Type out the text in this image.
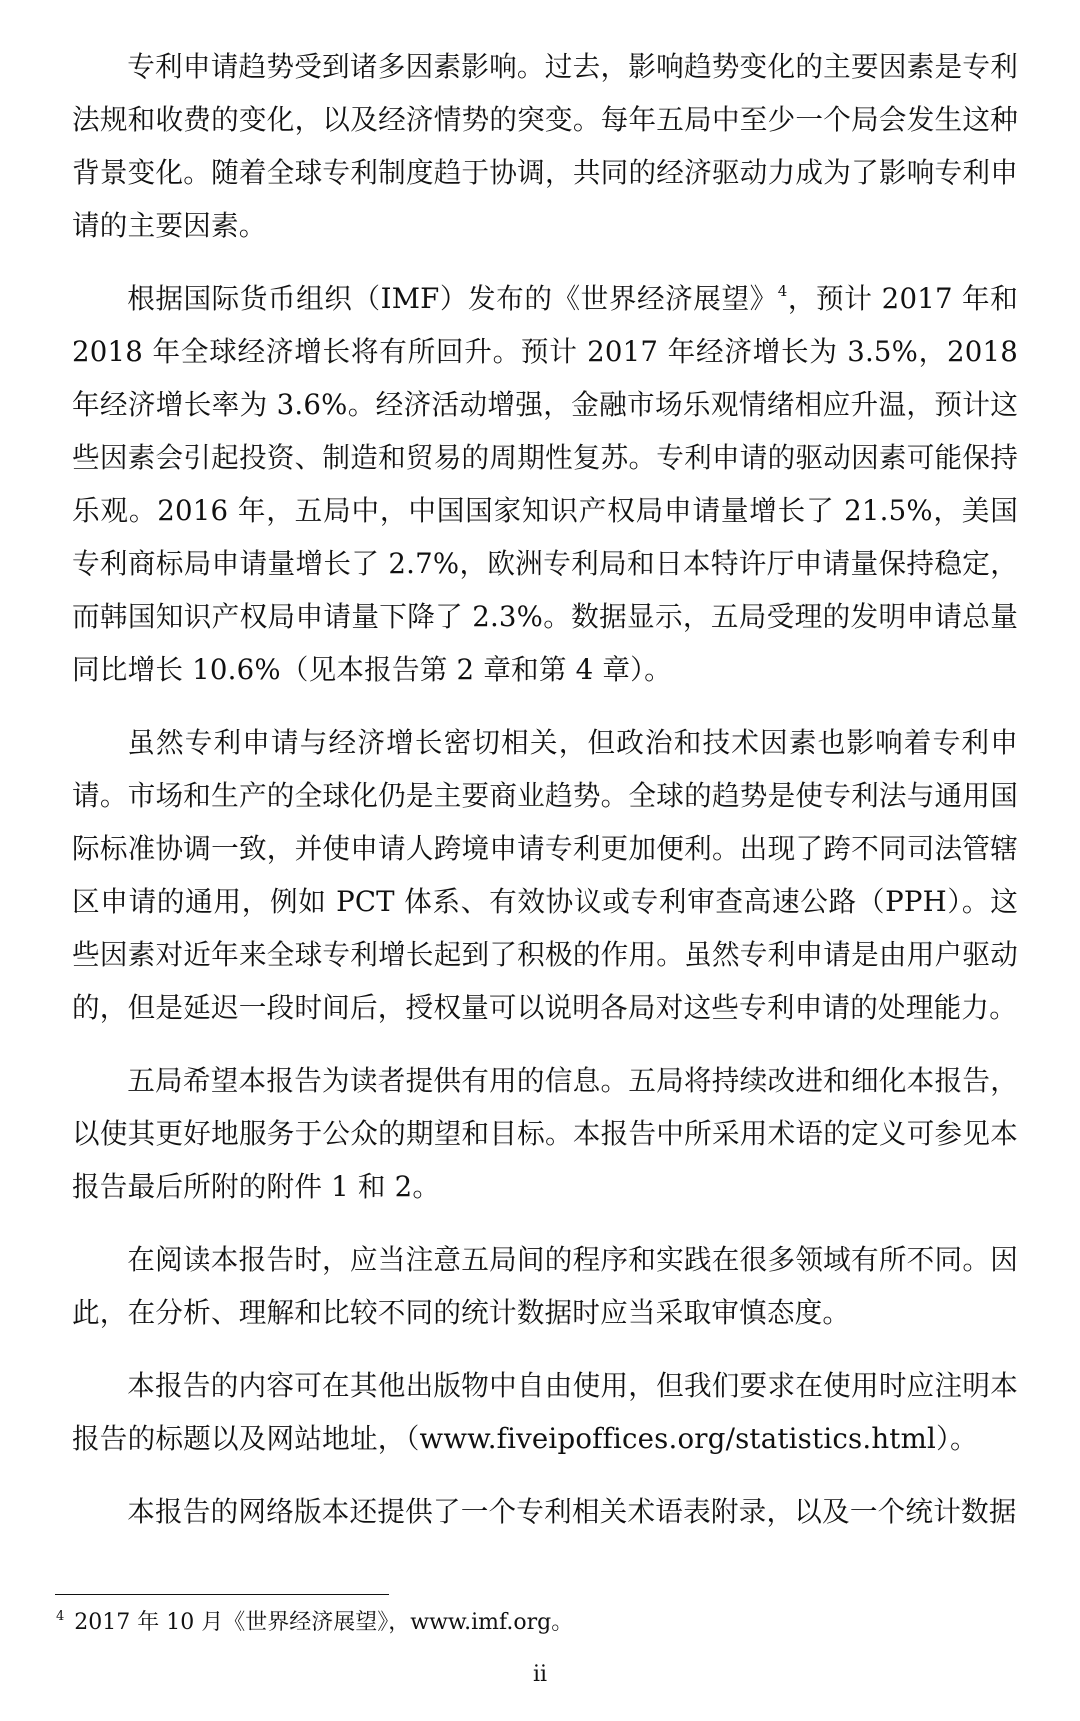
专利申请趋势受到诸多因素影响。过去，影响趋势变化的主要因素是专利法规和收费的变化，以及经济情势的突变。每年五局中至少一个局会发生这种背景变化。随着全球专利制度趋于协调，共同的经济驱动力成为了影响专利申请的主要因素。

根据国际货币组织（IMF）发布的《世界经济展望》$^4$，预计 2017 年和 2018 年全球经济增长将有所回升。预计 2017 年经济增长为 3.5%，2018 年经济增长率为 3.6%。经济活动增强，金融市场乐观情绪相应升温，预计这些因素会引起投资、制造和贸易的周期性复苏。专利申请的驱动因素可能保持乐观。2016 年，五局中，中国国家知识产权局申请量增长了 21.5%，美国专利商标局申请量增长了 2.7%，欧洲专利局和日本特许厅申请量保持稳定，而韩国知识产权局申请量下降了 2.3%。数据显示，五局受理的发明申请总量同比增长 10.6%（见本报告第 2 章和第 4 章）。

虽然专利申请与经济增长密切相关，但政治和技术因素也影响着专利申请。市场和生产的全球化仍是主要商业趋势。全球的趋势是使专利法与通用国际标准协调一致，并使申请人跨境申请专利更加便利。出现了跨不同司法管辖区申请的通用，例如 PCT 体系、有效协议或专利审查高速公路（PPH）。这些因素对近年来全球专利增长起到了积极的作用。虽然专利申请是由用户驱动的，但是延迟一段时间后，授权量可以说明各局对这些专利申请的处理能力。

五局希望本报告为读者提供有用的信息。五局将持续改进和细化本报告，以使其更好地服务于公众的期望和目标。本报告中所采用术语的定义可参见本报告最后所附的附件 1 和 2。

在阅读本报告时，应当注意五局间的程序和实践在很多领域有所不同。因此，在分析、理解和比较不同的统计数据时应当采取审慎态度。

本报告的内容可在其他出版物中自由使用，但我们要求在使用时应注明本报告的标题以及网站地址，（www.fiveipoffices.org/statistics.html）。

本报告的网络版本还提供了一个专利相关术语表附录，以及一个统计数据

$^4$ 2017 年 10 月《世界经济展望》，www.imf.org。
ii
